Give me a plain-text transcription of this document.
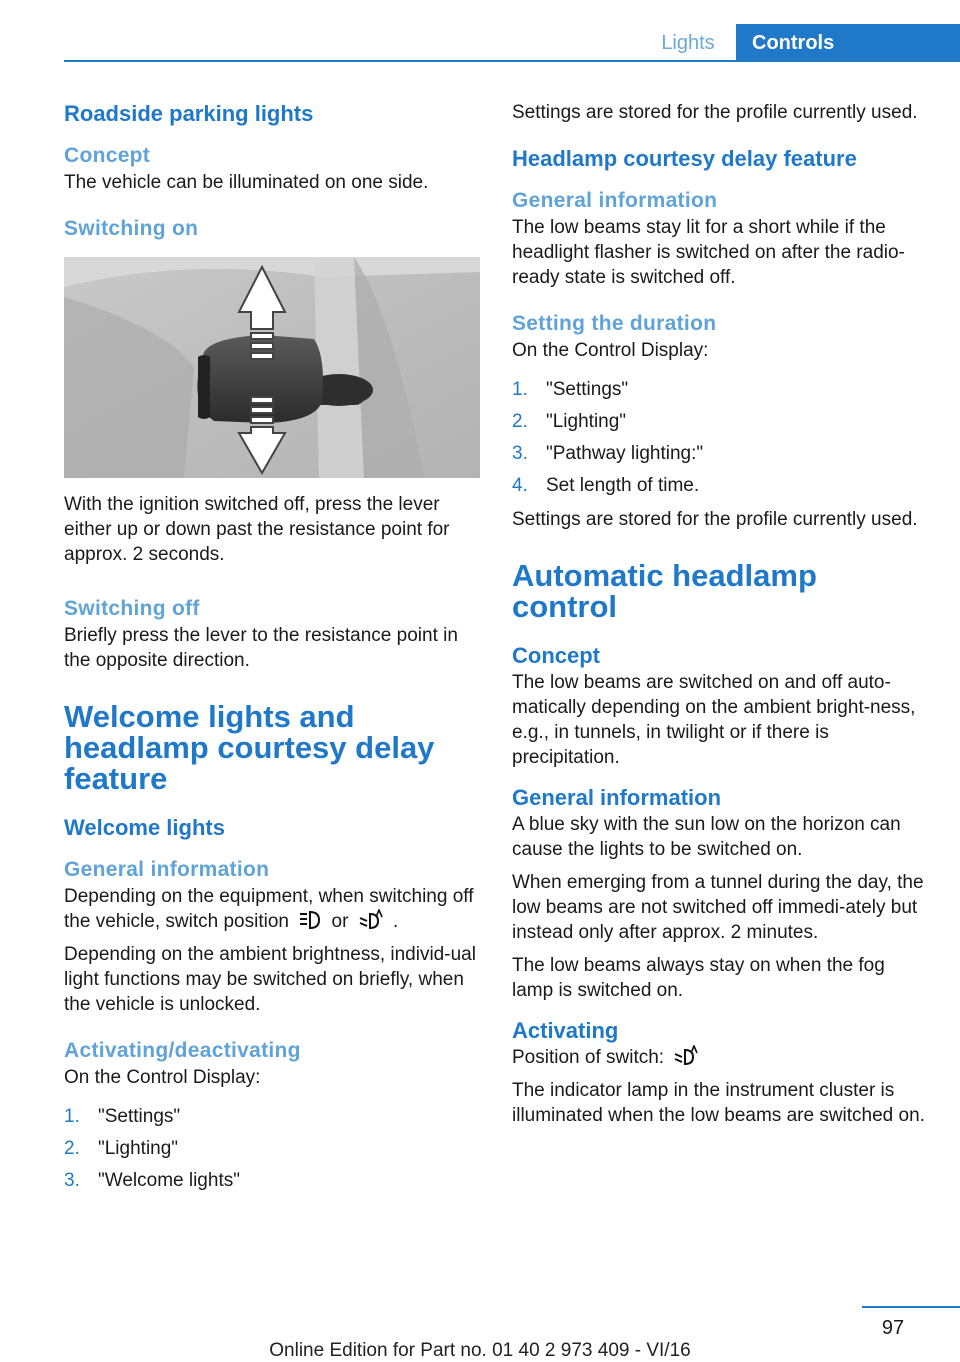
Lights	Controls
Roadside parking lights
Concept

The vehicle can be illuminated on one side.

Switching on

With the ignition switched off, press the lever either up or down past the resistance point for approx. 2 seconds.

Switching off

Briefly press the lever to the resistance point in the opposite direction.

Welcome lights and headlamp courtesy delay feature
Welcome lights
General information

Depending on the equipment, when switching off the vehicle, switch position or .

Depending on the ambient brightness, individ‐ual light functions may be switched on briefly, when the vehicle is unlocked.

Activating/deactivating

On the Control Display:

1. "Settings"
2. "Lighting"
3. "Welcome lights"

Settings are stored for the profile currently used.

Headlamp courtesy delay feature
General information

The low beams stay lit for a short while if the headlight flasher is switched on after the radio-ready state is switched off.

Setting the duration

On the Control Display:

1. "Settings"
2. "Lighting"
3. "Pathway lighting:"
4. Set length of time.

Settings are stored for the profile currently used.

Automatic headlamp control
Concept

The low beams are switched on and off auto‐matically depending on the ambient bright‐ness, e.g., in tunnels, in twilight or if there is precipitation.

General information

A blue sky with the sun low on the horizon can cause the lights to be switched on.

When emerging from a tunnel during the day, the low beams are not switched off immedi‐ately but instead only after approx. 2 minutes.

The low beams always stay on when the fog lamp is switched on.

Activating

Position of switch:

The indicator lamp in the instrument cluster is illuminated when the low beams are switched on.

97
Online Edition for Part no. 01 40 2 973 409 - VI/16
